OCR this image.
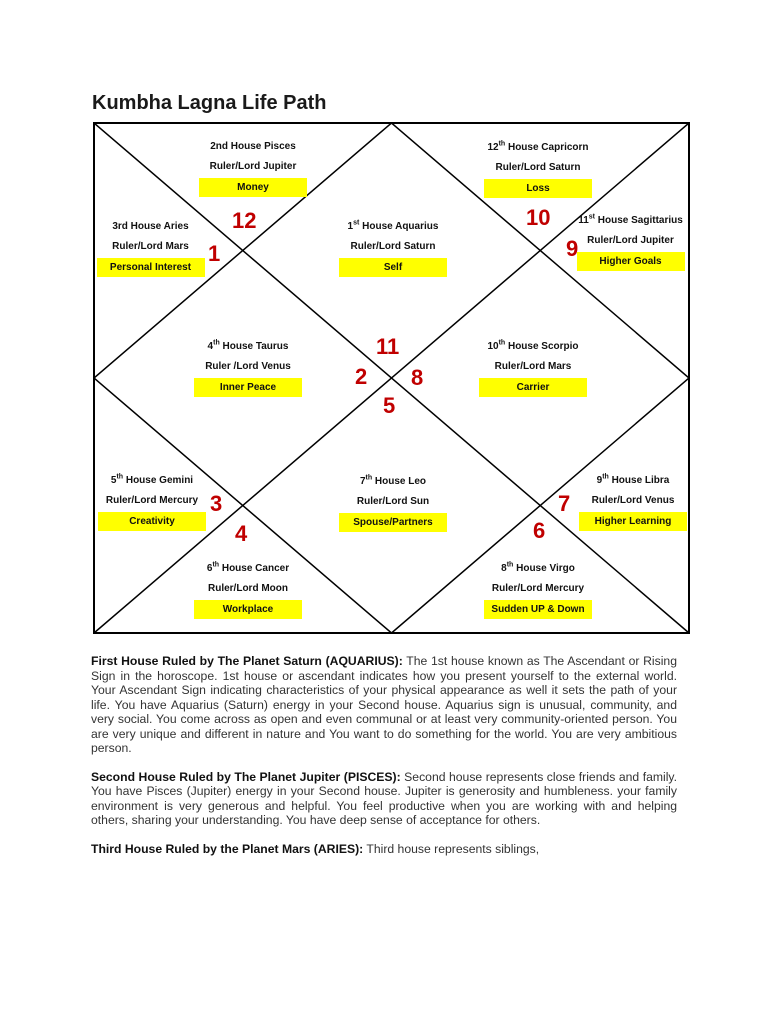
Kumbha Lagna Life Path
1st House Aquarius
Ruler/Lord Saturn
Self
2nd House Pisces
Ruler/Lord Jupiter
Money
3rd House Aries
Ruler/Lord Mars
Personal Interest
4th House Taurus
Ruler /Lord Venus
Inner Peace
5th House Gemini
Ruler/Lord Mercury
Creativity
6th House Cancer
Ruler/Lord Moon
Workplace
7th House Leo
Ruler/Lord Sun
Spouse/Partners
8th House Virgo
Ruler/Lord Mercury
Sudden UP & Down
9th House Libra
Ruler/Lord Venus
Higher Learning
10th House Scorpio
Ruler/Lord Mars
Carrier
11st House Sagittarius
Ruler/Lord Jupiter
Higher Goals
12th House Capricorn
Ruler/Lord Saturn
Loss
11
12
1
2
3
4
5
6
7
8
9
10

First House Ruled by The Planet Saturn (AQUARIUS): The 1st house known as The Ascendant or Rising Sign in the horoscope. 1st house or ascendant indicates how you present yourself to the external world. Your Ascendant Sign indicating characteristics of your physical appearance as well it sets the path of your life. You have Aquarius (Saturn) energy in your Second house. Aquarius sign is unusual, community, and very social. You come across as open and even communal or at least very community-oriented person. You are very unique and different in nature and You want to do something for the world. You are very ambitious person.

Second House Ruled by The Planet Jupiter (PISCES): Second house represents close friends and family. You have Pisces (Jupiter) energy in your Second house. Jupiter is generosity and humbleness. your family environment is very generous and helpful. You feel productive when you are working with and helping others, sharing your understanding. You have deep sense of acceptance for others.

Third House Ruled by the Planet Mars (ARIES): Third house represents siblings,
